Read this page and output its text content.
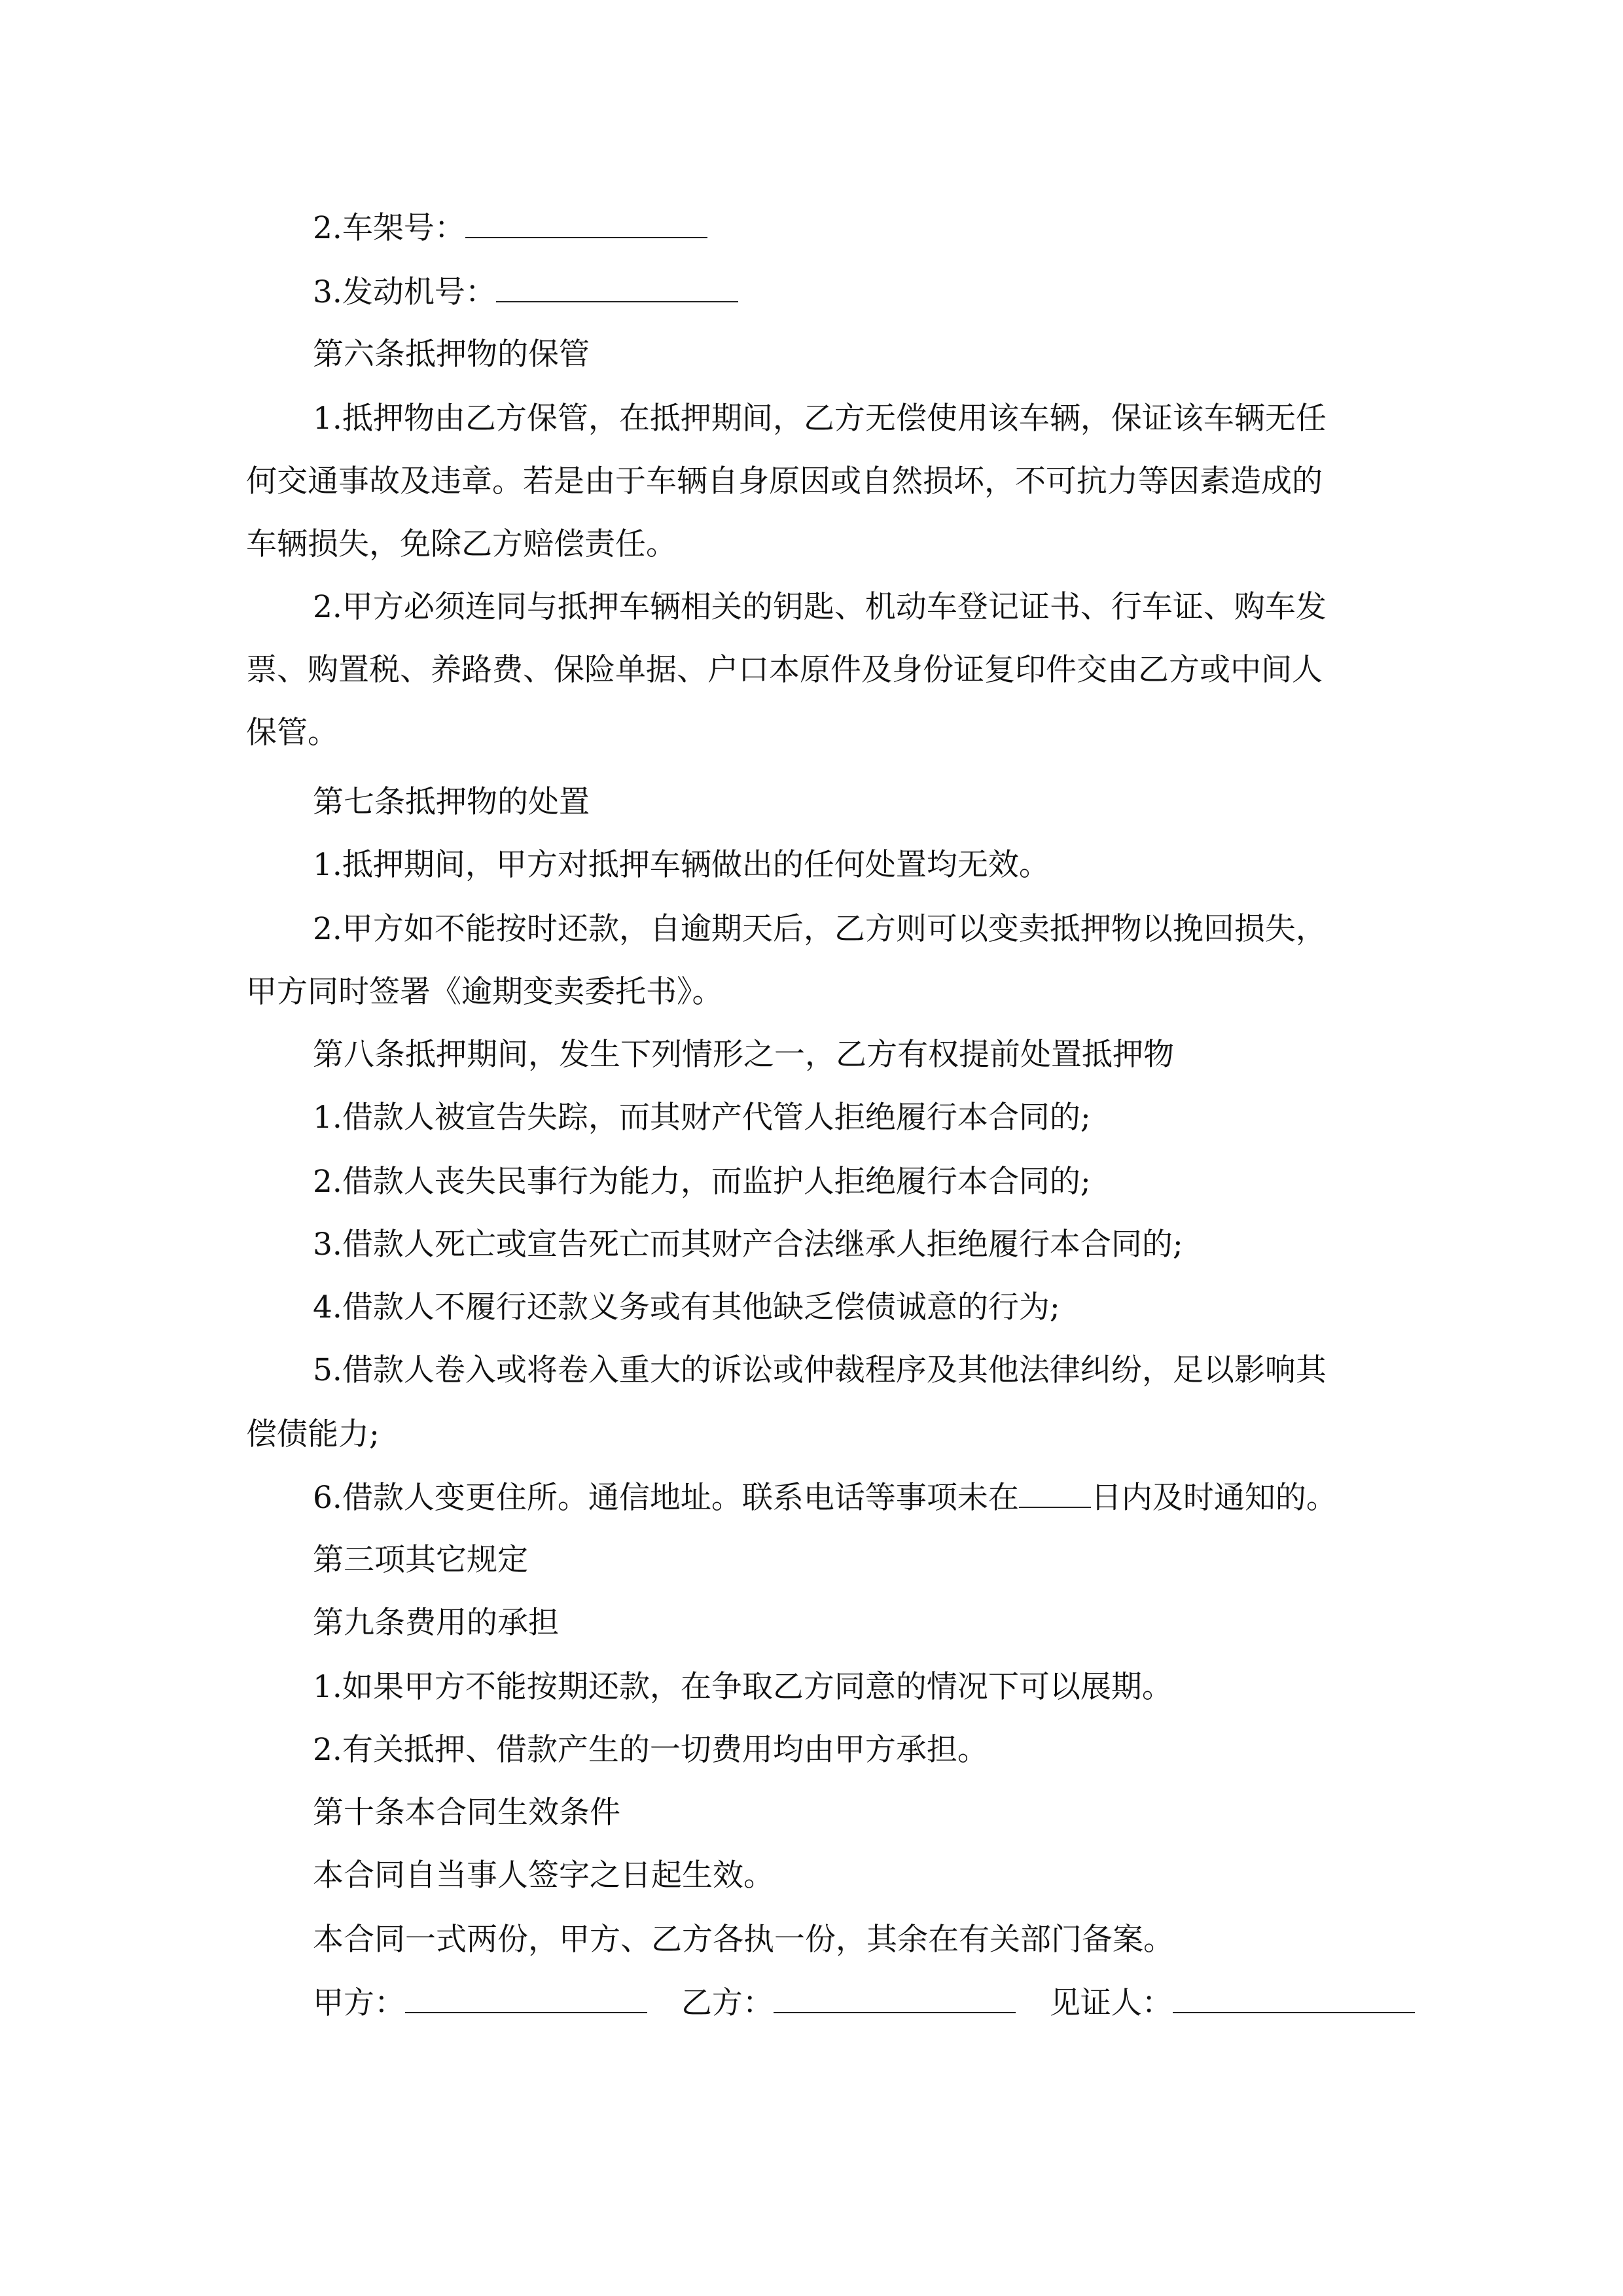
2.车架号：
3.发动机号：
第六条抵押物的保管
1.抵押物由乙方保管，在抵押期间，乙方无偿使用该车辆，保证该车辆无任
何交通事故及违章。若是由于车辆自身原因或自然损坏，不可抗力等因素造成的
车辆损失，免除乙方赔偿责任。
2.甲方必须连同与抵押车辆相关的钥匙、机动车登记证书、行车证、购车发
票、购置税、养路费、保险单据、户口本原件及身份证复印件交由乙方或中间人
保管。
第七条抵押物的处置
1.抵押期间，甲方对抵押车辆做出的任何处置均无效。
2.甲方如不能按时还款，自逾期天后，乙方则可以变卖抵押物以挽回损失，
甲方同时签署《逾期变卖委托书》。
第八条抵押期间，发生下列情形之一，乙方有权提前处置抵押物
1.借款人被宣告失踪，而其财产代管人拒绝履行本合同的;
2.借款人丧失民事行为能力，而监护人拒绝履行本合同的;
3.借款人死亡或宣告死亡而其财产合法继承人拒绝履行本合同的;
4.借款人不履行还款义务或有其他缺乏偿债诚意的行为;
5.借款人卷入或将卷入重大的诉讼或仲裁程序及其他法律纠纷，足以影响其
偿债能力;
6.借款人变更住所。通信地址。联系电话等事项未在 日内及时通知的。
第三项其它规定
第九条费用的承担
1.如果甲方不能按期还款，在争取乙方同意的情况下可以展期。
2.有关抵押、借款产生的一切费用均由甲方承担。
第十条本合同生效条件
本合同自当事人签字之日起生效。
本合同一式两份，甲方、乙方各执一份，其余在有关部门备案。
甲方：	乙方：	见证人：
